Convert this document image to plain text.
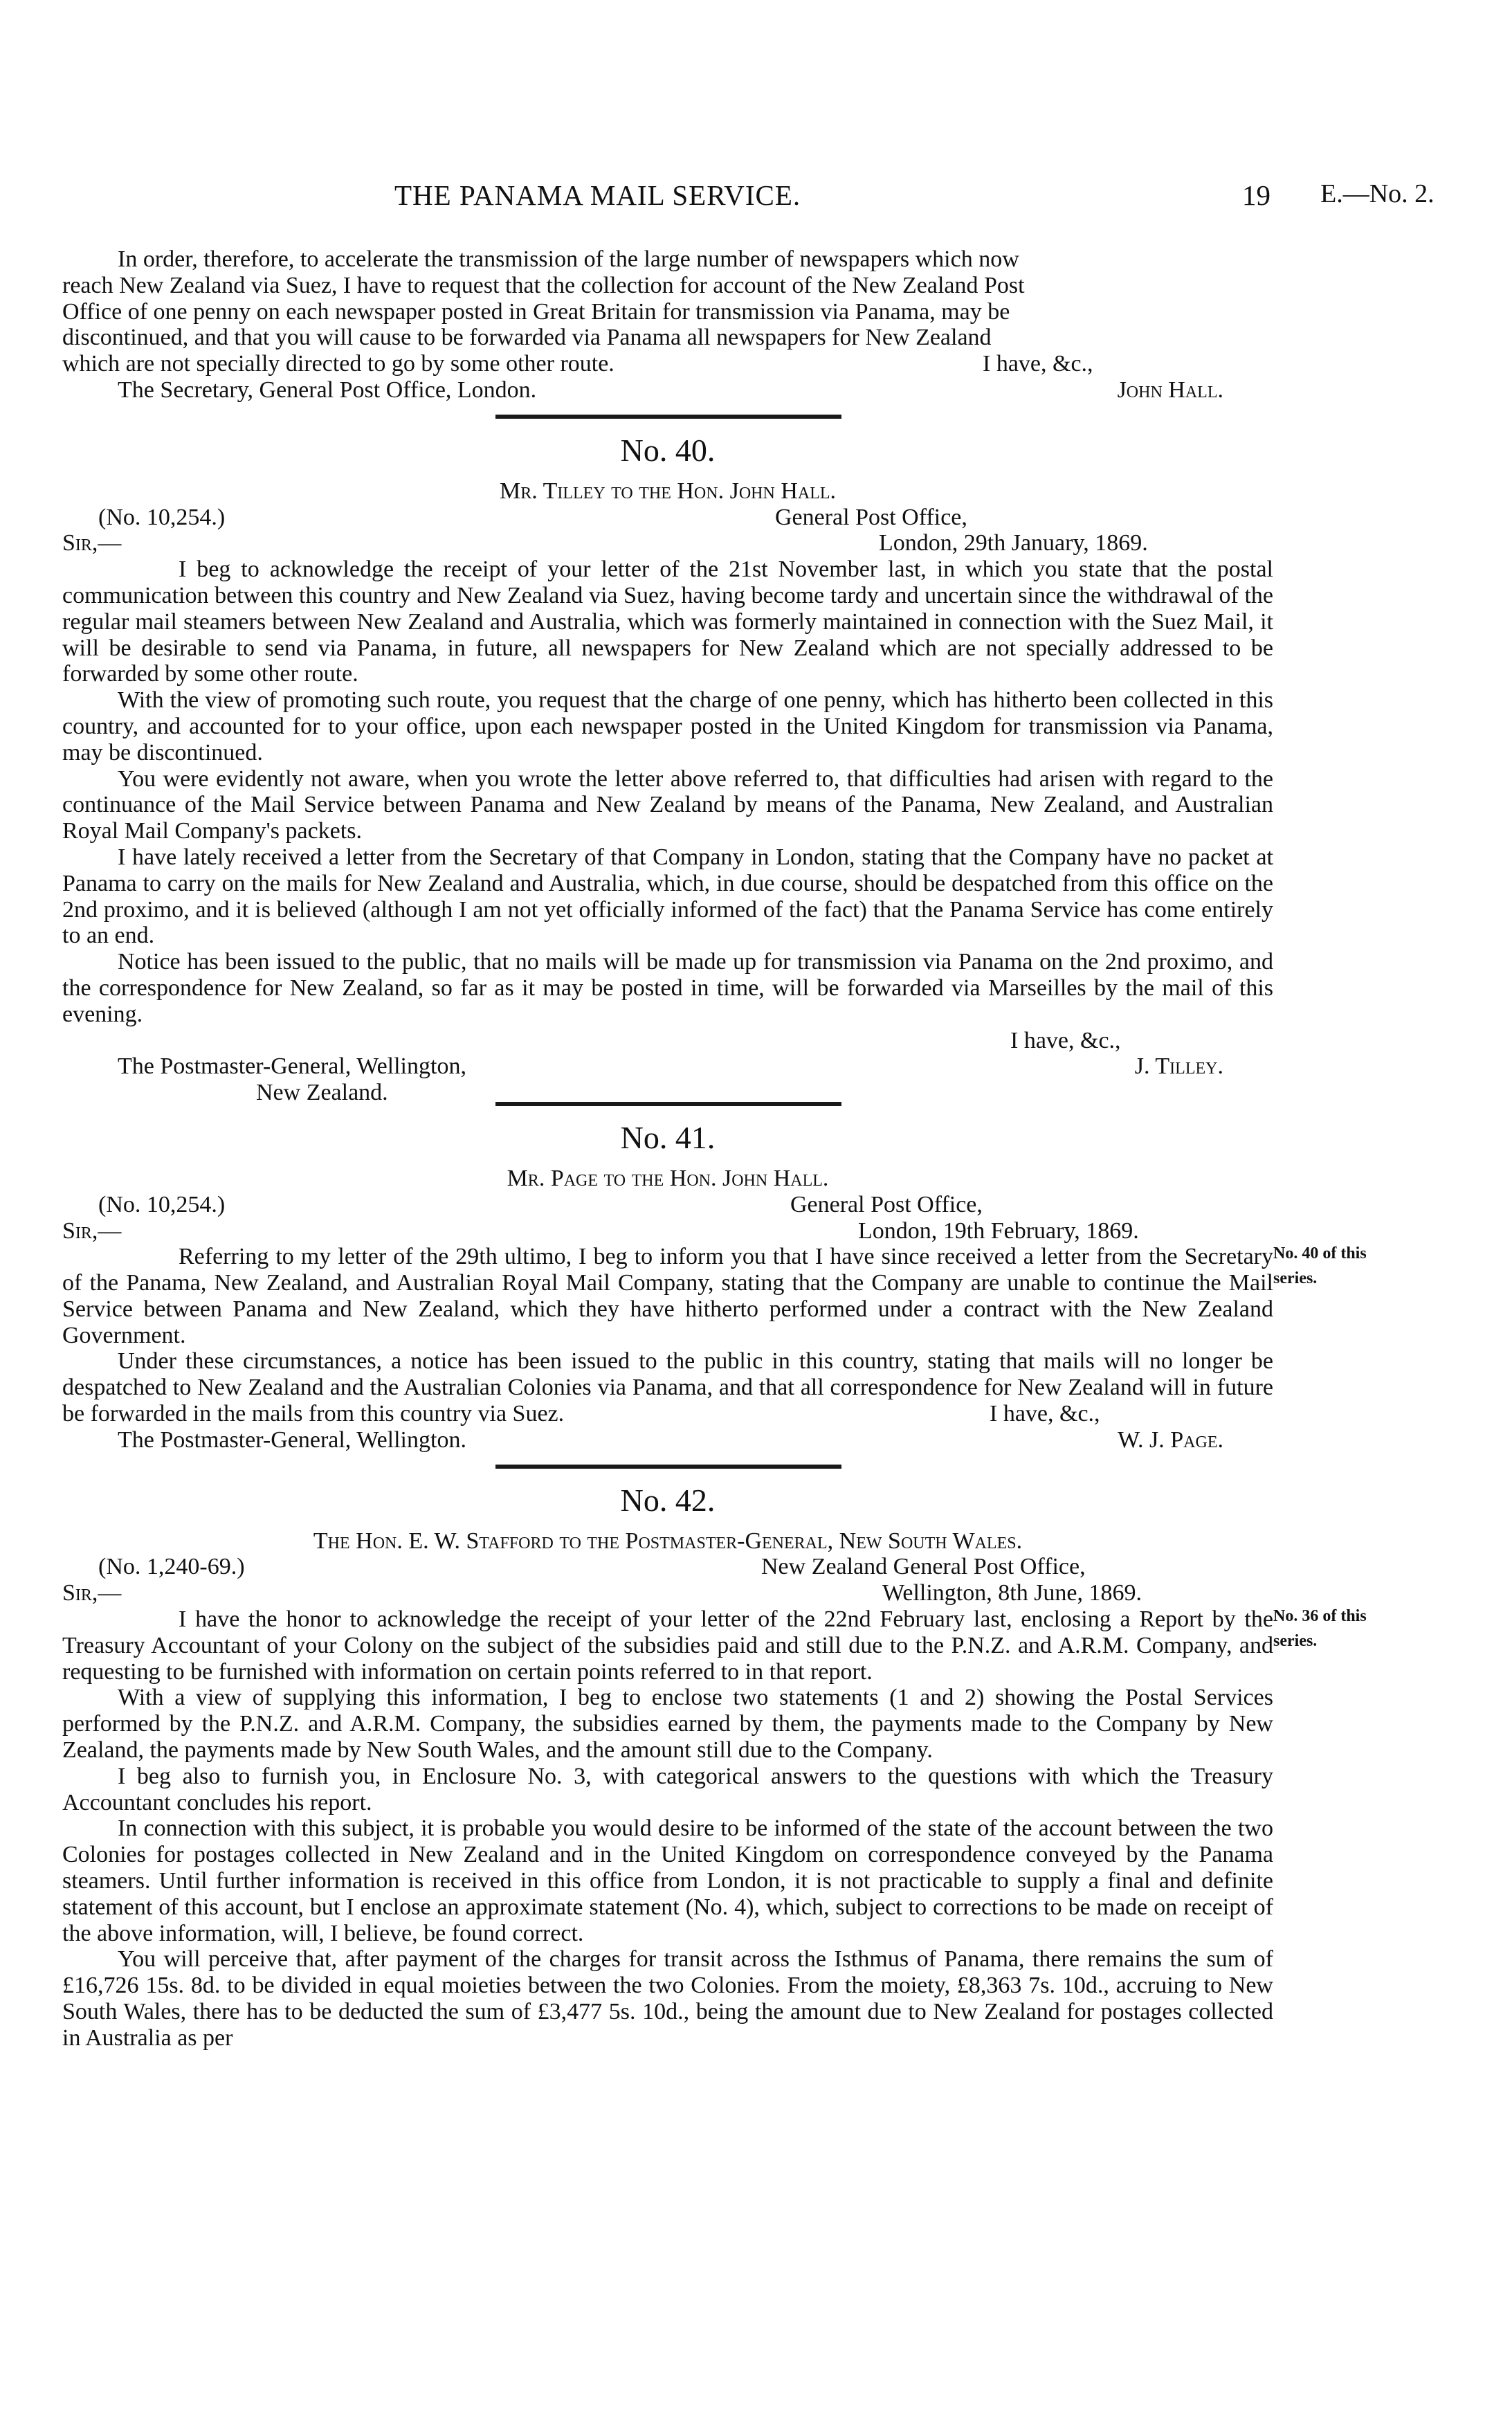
THE PANAMA MAIL SERVICE.	19 E.—No. 2.

In order, therefore, to accelerate the transmission of the large number of newspapers which now

reach New Zealand via Suez, I have to request that the collection for account of the New Zealand Post

Office of one penny on each newspaper posted in Great Britain for transmission via Panama, may be

discontinued, and that you will cause to be forwarded via Panama all newspapers for New Zealand

which are not specially directed to go by some other route.	I have, &c.,
The Secretary, General Post Office, London.	John Hall.
No. 40.
Mr. Tilley to the Hon. John Hall.
(No. 10,254.)	General Post Office,
Sir,—	London, 29th January, 1869.

I beg to acknowledge the receipt of your letter of the 21st November last, in which you state that the postal communication between this country and New Zealand via Suez, having become tardy and uncertain since the withdrawal of the regular mail steamers between New Zealand and Australia, which was formerly maintained in connection with the Suez Mail, it will be desirable to send via Panama, in future, all newspapers for New Zealand which are not specially addressed to be forwarded by some other route.

With the view of promoting such route, you request that the charge of one penny, which has hitherto been collected in this country, and accounted for to your office, upon each newspaper posted in the United Kingdom for transmission via Panama, may be discontinued.

You were evidently not aware, when you wrote the letter above referred to, that difficulties had arisen with regard to the continuance of the Mail Service between Panama and New Zealand by means of the Panama, New Zealand, and Australian Royal Mail Company's packets.

I have lately received a letter from the Secretary of that Company in London, stating that the Company have no packet at Panama to carry on the mails for New Zealand and Australia, which, in due course, should be despatched from this office on the 2nd proximo, and it is believed (although I am not yet officially informed of the fact) that the Panama Service has come entirely to an end.

Notice has been issued to the public, that no mails will be made up for transmission via Panama on the 2nd proximo, and the correspondence for New Zealand, so far as it may be posted in time, will be forwarded via Marseilles by the mail of this evening.

I have, &c.,
The Postmaster-General, Wellington,	J. Tilley.
New Zealand.
No. 41.
Mr. Page to the Hon. John Hall.
(No. 10,254.)	General Post Office,
Sir,—	London, 19th February, 1869.
No. 40 of this
series.

Referring to my letter of the 29th ultimo, I beg to inform you that I have since received a letter from the Secretary of the Panama, New Zealand, and Australian Royal Mail Company, stating that the Company are unable to continue the Mail Service between Panama and New Zealand, which they have hitherto performed under a contract with the New Zealand Government.

Under these circumstances, a notice has been issued to the public in this country, stating that mails will no longer be despatched to New Zealand and the Australian Colonies via Panama, and that all correspondence for New Zealand will in future be forwarded in the mails from this country via Suez.	I have, &c.,
The Postmaster-General, Wellington.	W. J. Page.
No. 42.
The Hon. E. W. Stafford to the Postmaster-General, New South Wales.
(No. 1,240-69.)	New Zealand General Post Office,
Sir,—	Wellington, 8th June, 1869.
No. 36 of this
series.

I have the honor to acknowledge the receipt of your letter of the 22nd February last, enclosing a Report by the Treasury Accountant of your Colony on the subject of the subsidies paid and still due to the P.N.Z. and A.R.M. Company, and requesting to be furnished with information on certain points referred to in that report.

With a view of supplying this information, I beg to enclose two statements (1 and 2) showing the Postal Services performed by the P.N.Z. and A.R.M. Company, the subsidies earned by them, the payments made to the Company by New Zealand, the payments made by New South Wales, and the amount still due to the Company.

I beg also to furnish you, in Enclosure No. 3, with categorical answers to the questions with which the Treasury Accountant concludes his report.

In connection with this subject, it is probable you would desire to be informed of the state of the account between the two Colonies for postages collected in New Zealand and in the United Kingdom on correspondence conveyed by the Panama steamers. Until further information is received in this office from London, it is not practicable to supply a final and definite statement of this account, but I enclose an approximate statement (No. 4), which, subject to corrections to be made on receipt of the above information, will, I believe, be found correct.

You will perceive that, after payment of the charges for transit across the Isthmus of Panama, there remains the sum of £16,726 15s. 8d. to be divided in equal moieties between the two Colonies. From the moiety, £8,363 7s. 10d., accruing to New South Wales, there has to be deducted the sum of £3,477 5s. 10d., being the amount due to New Zealand for postages collected in Australia as per
